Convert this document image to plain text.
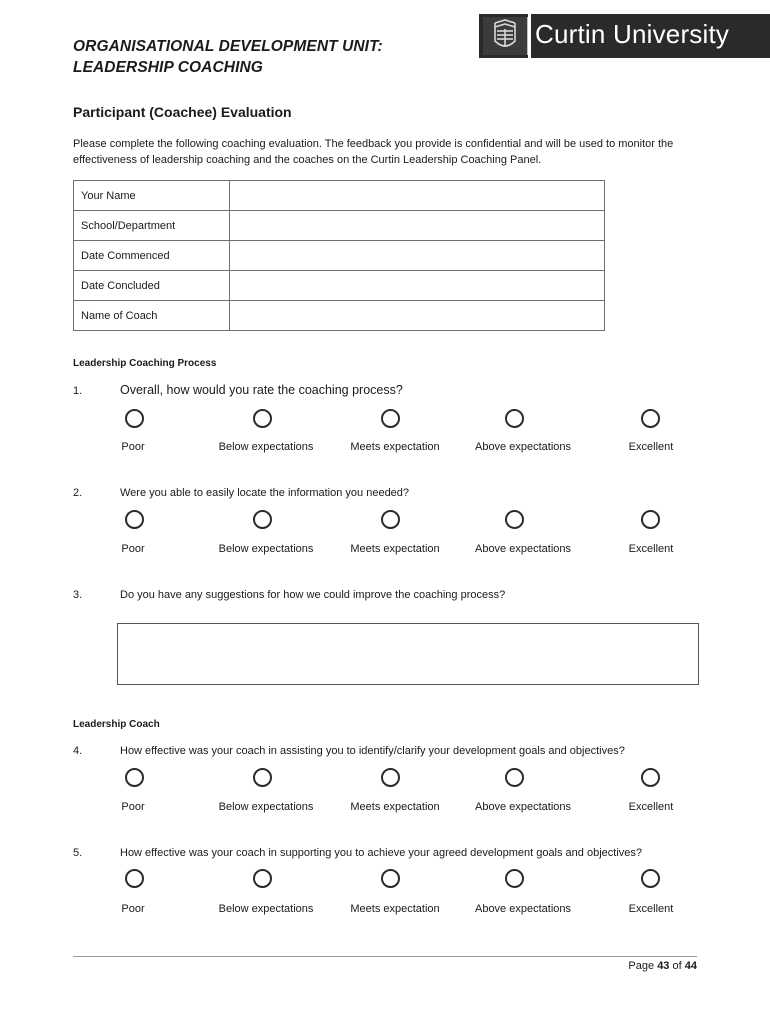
ORGANISATIONAL DEVELOPMENT UNIT:
LEADERSHIP COACHING
Curtin University
Participant (Coachee) Evaluation
Please complete the following coaching evaluation. The feedback you provide is confidential and will be used to monitor the effectiveness of leadership coaching and the coaches on the Curtin Leadership Coaching Panel.
Your Name	
School/Department	
Date Commenced	
Date Concluded	
Name of Coach	
Leadership Coaching Process
1.	Overall, how would you rate the coaching process?
Poor	Below expectations	Meets expectation	Above expectations	Excellent
2.	Were you able to easily locate the information you needed?
Poor	Below expectations	Meets expectation	Above expectations	Excellent
3.	Do you have any suggestions for how we could improve the coaching process?
Leadership Coach
4.	How effective was your coach in assisting you to identify/clarify your development goals and objectives?
Poor	Below expectations	Meets expectation	Above expectations	Excellent
5.	How effective was your coach in supporting you to achieve your agreed development goals and objectives?
Poor	Below expectations	Meets expectation	Above expectations	Excellent
Page 43 of 44
